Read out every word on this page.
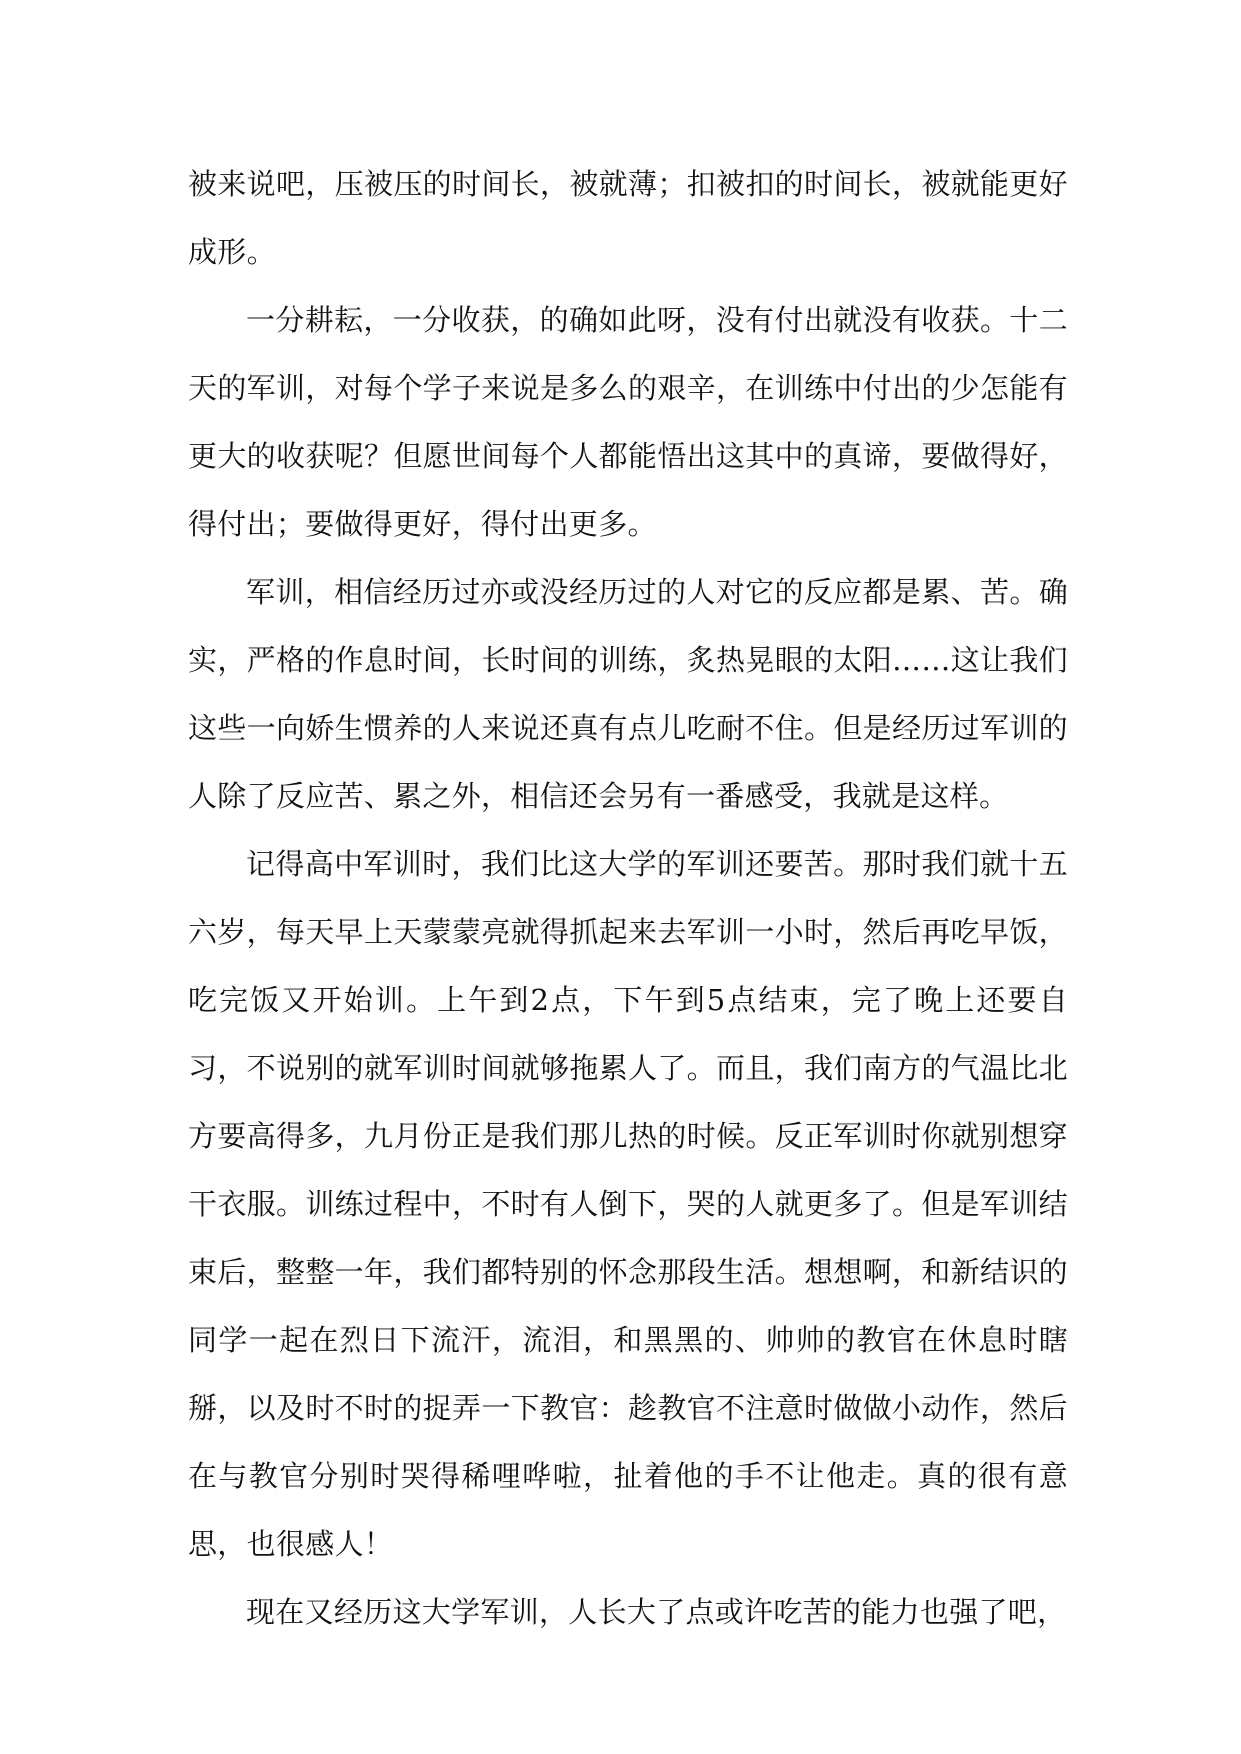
被来说吧，压被压的时间长，被就薄；扣被扣的时间长，被就能更好成形。

一分耕耘，一分收获，的确如此呀，没有付出就没有收获。十二天的军训，对每个学子来说是多么的艰辛，在训练中付出的少怎能有更大的收获呢？但愿世间每个人都能悟出这其中的真谛，要做得好，得付出；要做得更好，得付出更多。

军训，相信经历过亦或没经历过的人对它的反应都是累、苦。确实，严格的作息时间，长时间的训练，炙热晃眼的太阳……这让我们这些一向娇生惯养的人来说还真有点儿吃耐不住。但是经历过军训的人除了反应苦、累之外，相信还会另有一番感受，我就是这样。

记得高中军训时，我们比这大学的军训还要苦。那时我们就十五六岁，每天早上天蒙蒙亮就得抓起来去军训一小时，然后再吃早饭，吃完饭又开始训。上午到2点，下午到5点结束，完了晚上还要自习，不说别的就军训时间就够拖累人了。而且，我们南方的气温比北方要高得多，九月份正是我们那儿热的时候。反正军训时你就别想穿干衣服。训练过程中，不时有人倒下，哭的人就更多了。但是军训结束后，整整一年，我们都特别的怀念那段生活。想想啊，和新结识的同学一起在烈日下流汗，流泪，和黑黑的、帅帅的教官在休息时瞎掰，以及时不时的捉弄一下教官：趁教官不注意时做做小动作，然后在与教官分别时哭得稀哩哗啦，扯着他的手不让他走。真的很有意思，也很感人！

现在又经历这大学军训，人长大了点或许吃苦的能力也强了吧，
